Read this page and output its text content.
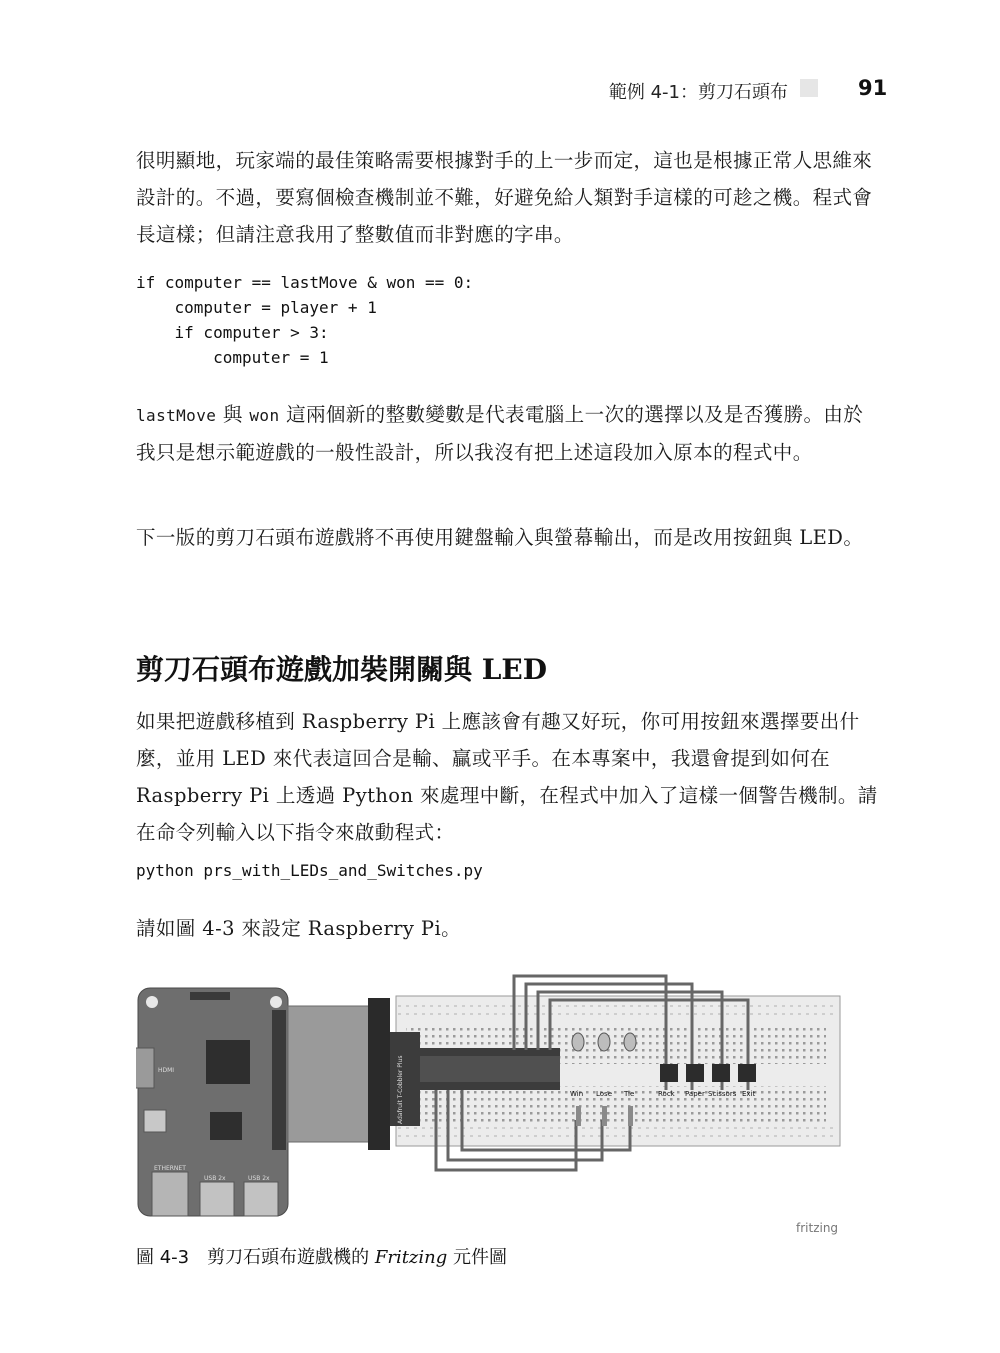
範例 4-1：剪刀石頭布	91
很明顯地，玩家端的最佳策略需要根據對手的上一步而定，這也是根據正常人思維來設計的。不過，要寫個檢查機制並不難，好避免給人類對手這樣的可趁之機。程式會長這樣；但請注意我用了整數值而非對應的字串。
if computer == lastMove & won == 0:
computer = player + 1
if computer > 3:
computer = 1
lastMove 與 won 這兩個新的整數變數是代表電腦上一次的選擇以及是否獲勝。由於我只是想示範遊戲的一般性設計，所以我沒有把上述這段加入原本的程式中。
下一版的剪刀石頭布遊戲將不再使用鍵盤輸入與螢幕輸出，而是改用按鈕與 LED。
剪刀石頭布遊戲加裝開關與 LED
如果把遊戲移植到 Raspberry Pi 上應該會有趣又好玩，你可用按鈕來選擇要出什麼，並用 LED 來代表這回合是輸、贏或平手。在本專案中，我還會提到如何在 Raspberry Pi 上透過 Python 來處理中斷，在程式中加入了這樣一個警告機制。請在命令列輸入以下指令來啟動程式：
python prs_with_LEDs_and_Switches.py
請如圖 4-3 來設定 Raspberry Pi。
HDMI
ETHERNET
USB 2x	USB 2x
Adafruit T-Cobbler Plus	Win Lose Tie	Rock Paper Scissors Exit
fritzing
圖 4-3　剪刀石頭布遊戲機的 Fritzing 元件圖
